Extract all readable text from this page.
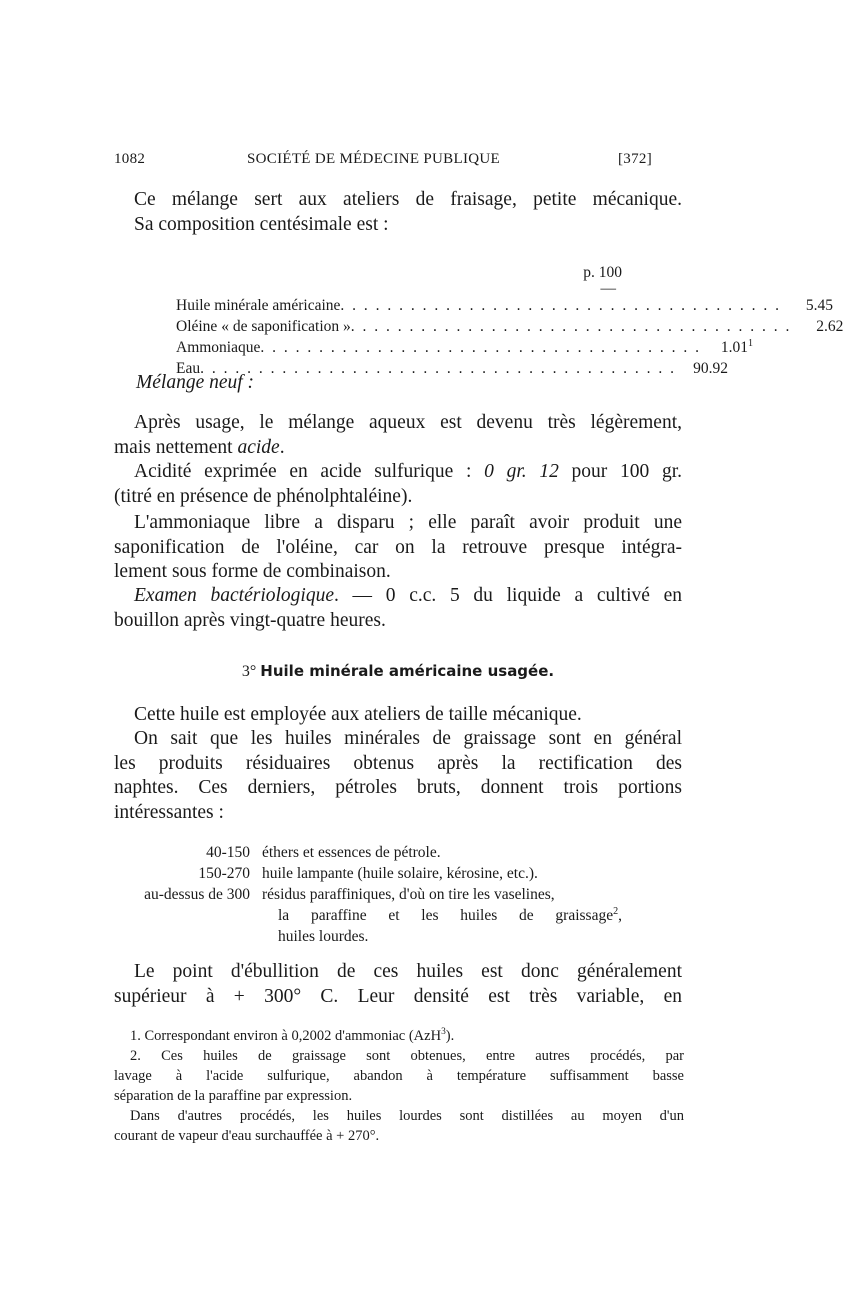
1082	SOCIÉTÉ DE MÉDECINE PUBLIQUE	[372]
Ce mélange sert aux ateliers de fraisage, petite mécanique.
Sa composition centésimale est :
p. 100
—
Huile minérale américaine . . . . . . . . . . . . . . . . . . . . . . . . . . . . . . . . . . . . . .	5.45
Oléine « de saponification » . . . . . . . . . . . . . . . . . . . . . . . . . . . . . . . . . . . . . .	2.62
Ammoniaque . . . . . . . . . . . . . . . . . . . . . . . . . . . . . . . . . . . . . .	1.01$^1$
Eau . . . . . . . . . . . . . . . . . . . . . . . . . . . . . . . . . . . . . . . . .	90.92
Mélange neuf :
Après usage, le mélange aqueux est devenu très légèrement,
mais nettement acide.
Acidité exprimée en acide sulfurique : 0 gr. 12 pour 100 gr.
(titré en présence de phénolphtaléine).
L'ammoniaque libre a disparu ; elle paraît avoir produit une
saponification de l'oléine, car on la retrouve presque intégra-
lement sous forme de combinaison.
Examen bactériologique. — 0 c.c. 5 du liquide a cultivé en
bouillon après vingt-quatre heures.
3° Huile minérale américaine usagée.
Cette huile est employée aux ateliers de taille mécanique.
On sait que les huiles minérales de graissage sont en général
les produits résiduaires obtenus après la rectification des
naphtes. Ces derniers, pétroles bruts, donnent trois portions
intéressantes :
40-150 éthers et essences de pétrole.
150-270 huile lampante (huile solaire, kérosine, etc.).
au-dessus de 300 résidus paraffiniques, d'où on tire les vaselines,
la paraffine et les huiles de graissage$^2$,
huiles lourdes.
Le point d'ébullition de ces huiles est donc généralement
supérieur à + 300° C. Leur densité est très variable, en
1. Correspondant environ à 0,2002 d'ammoniac (AzH$^3$).
2. Ces huiles de graissage sont obtenues, entre autres procédés, par
lavage à l'acide sulfurique, abandon à température suffisamment basse
séparation de la paraffine par expression.
Dans d'autres procédés, les huiles lourdes sont distillées au moyen d'un
courant de vapeur d'eau surchauffée à + 270°.
